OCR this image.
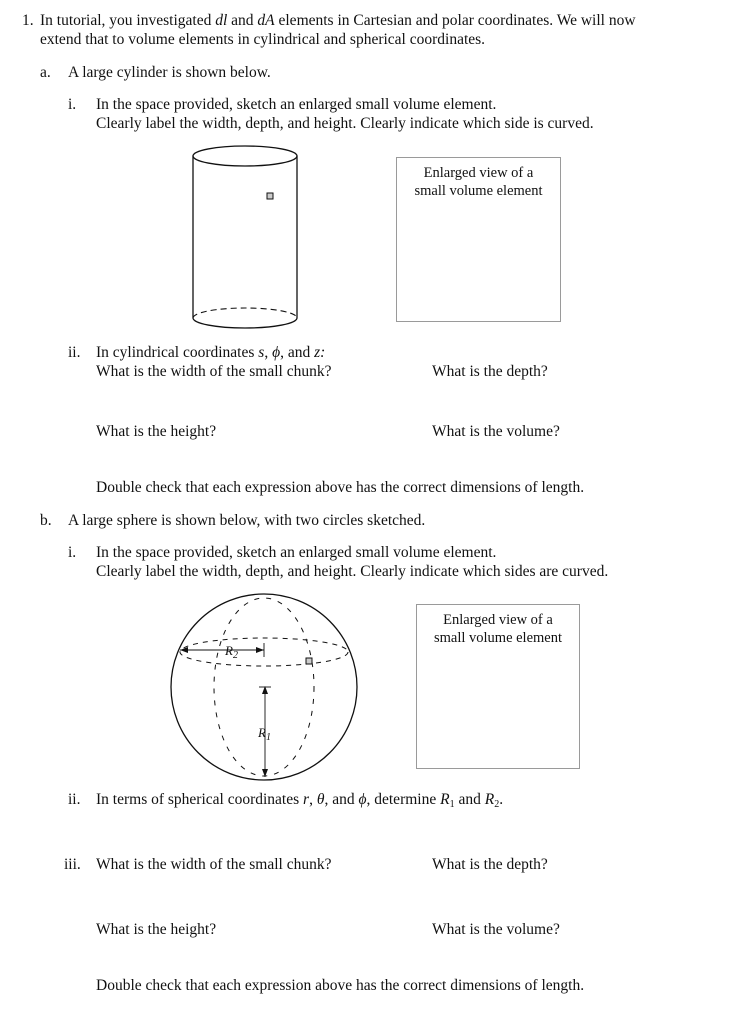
1. In tutorial, you investigated dl and dA elements in Cartesian and polar coordinates. We will now
extend that to volume elements in cylindrical and spherical coordinates.
a. A large cylinder is shown below.
i. In the space provided, sketch an enlarged small volume element.
Clearly label the width, depth, and height. Clearly indicate which side is curved.
Enlarged view of a
small volume element
ii. In cylindrical coordinates s, ϕ, and z:
What is the width of the small chunk?	What is the depth?
What is the height?	What is the volume?
Double check that each expression above has the correct dimensions of length.
b. A large sphere is shown below, with two circles sketched.
i. In the space provided, sketch an enlarged small volume element.
Clearly label the width, depth, and height. Clearly indicate which sides are curved.
$R_2$
$R_1$
Enlarged view of a
small volume element
ii. In terms of spherical coordinates r, θ, and ϕ, determine $R_1$ and $R_2$.
iii. What is the width of the small chunk?	What is the depth?
What is the height?	What is the volume?
Double check that each expression above has the correct dimensions of length.
